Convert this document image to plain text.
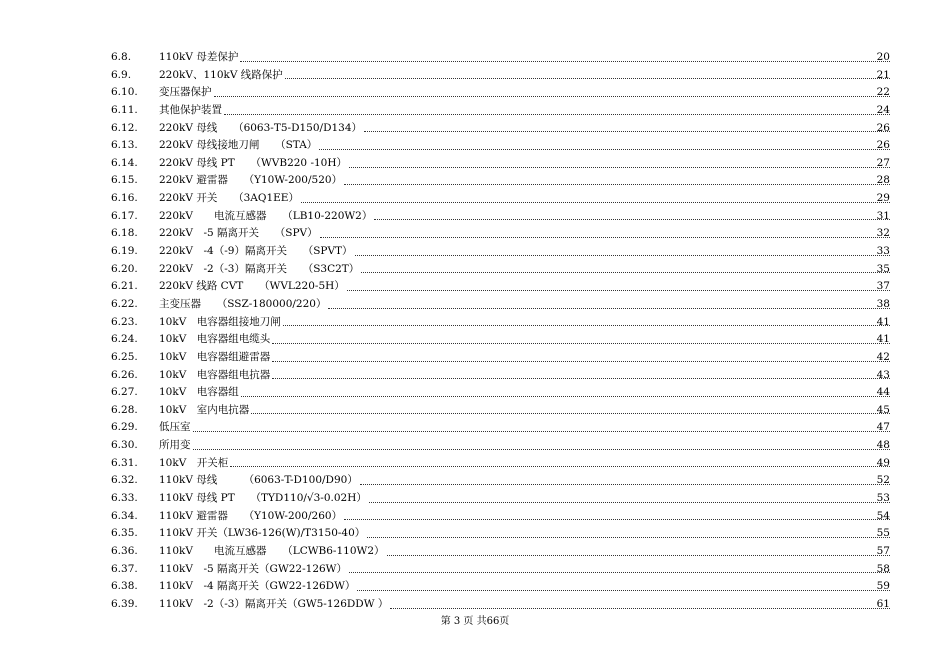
6.8.	110kV 母差保护	20
6.9.	220kV、110kV 线路保护	21
6.10. 变压器保护	22
6.11. 其他保护装置	24
6.12. 220kV 母线　　（6063-T5-D150/D134）	26
6.13. 220kV 母线接地刀闸　　（STA）	26
6.14. 220kV 母线 PT　　（WVB220 -10H）	27
6.15. 220kV 避雷器　　（Y10W-200/520）	28
6.16. 220kV 开关　　（3AQ1EE）	29
6.17. 220kV　　电流互感器　　（LB10-220W2）	31
6.18. 220kV　-5 隔离开关　　（SPV）	32
6.19. 220kV　-4（-9）隔离开关　　（SPVT）	33
6.20. 220kV　-2（-3）隔离开关　　（S3C2T）	35
6.21. 220kV 线路 CVT　　（WVL220-5H）	37
6.22. 主变压器　　（SSZ-180000/220）	38
6.23. 10kV　电容器组接地刀闸	41
6.24. 10kV　电容器组电缆头	41
6.25. 10kV　电容器组避雷器	42
6.26. 10kV　电容器组电抗器	43
6.27. 10kV　电容器组	44
6.28. 10kV　室内电抗器	45
6.29. 低压室	47
6.30. 所用变	48
6.31. 10kV　开关柜	49
6.32. 110kV 母线　　　（6063-T-D100/D90）	52
6.33. 110kV 母线 PT　　（TYD110/√3-0.02H）	53
6.34. 110kV 避雷器　　（Y10W-200/260）	54
6.35. 110kV 开关（LW36-126(W)/T3150-40）	55
6.36. 110kV　　电流互感器　　（LCWB6-110W2）	57
6.37. 110kV　-5 隔离开关（GW22-126W）	58
6.38. 110kV　-4 隔离开关（GW22-126DW）	59
6.39. 110kV　-2（-3）隔离开关（GW5-126DDW ）	61
第 3 页 共66页
